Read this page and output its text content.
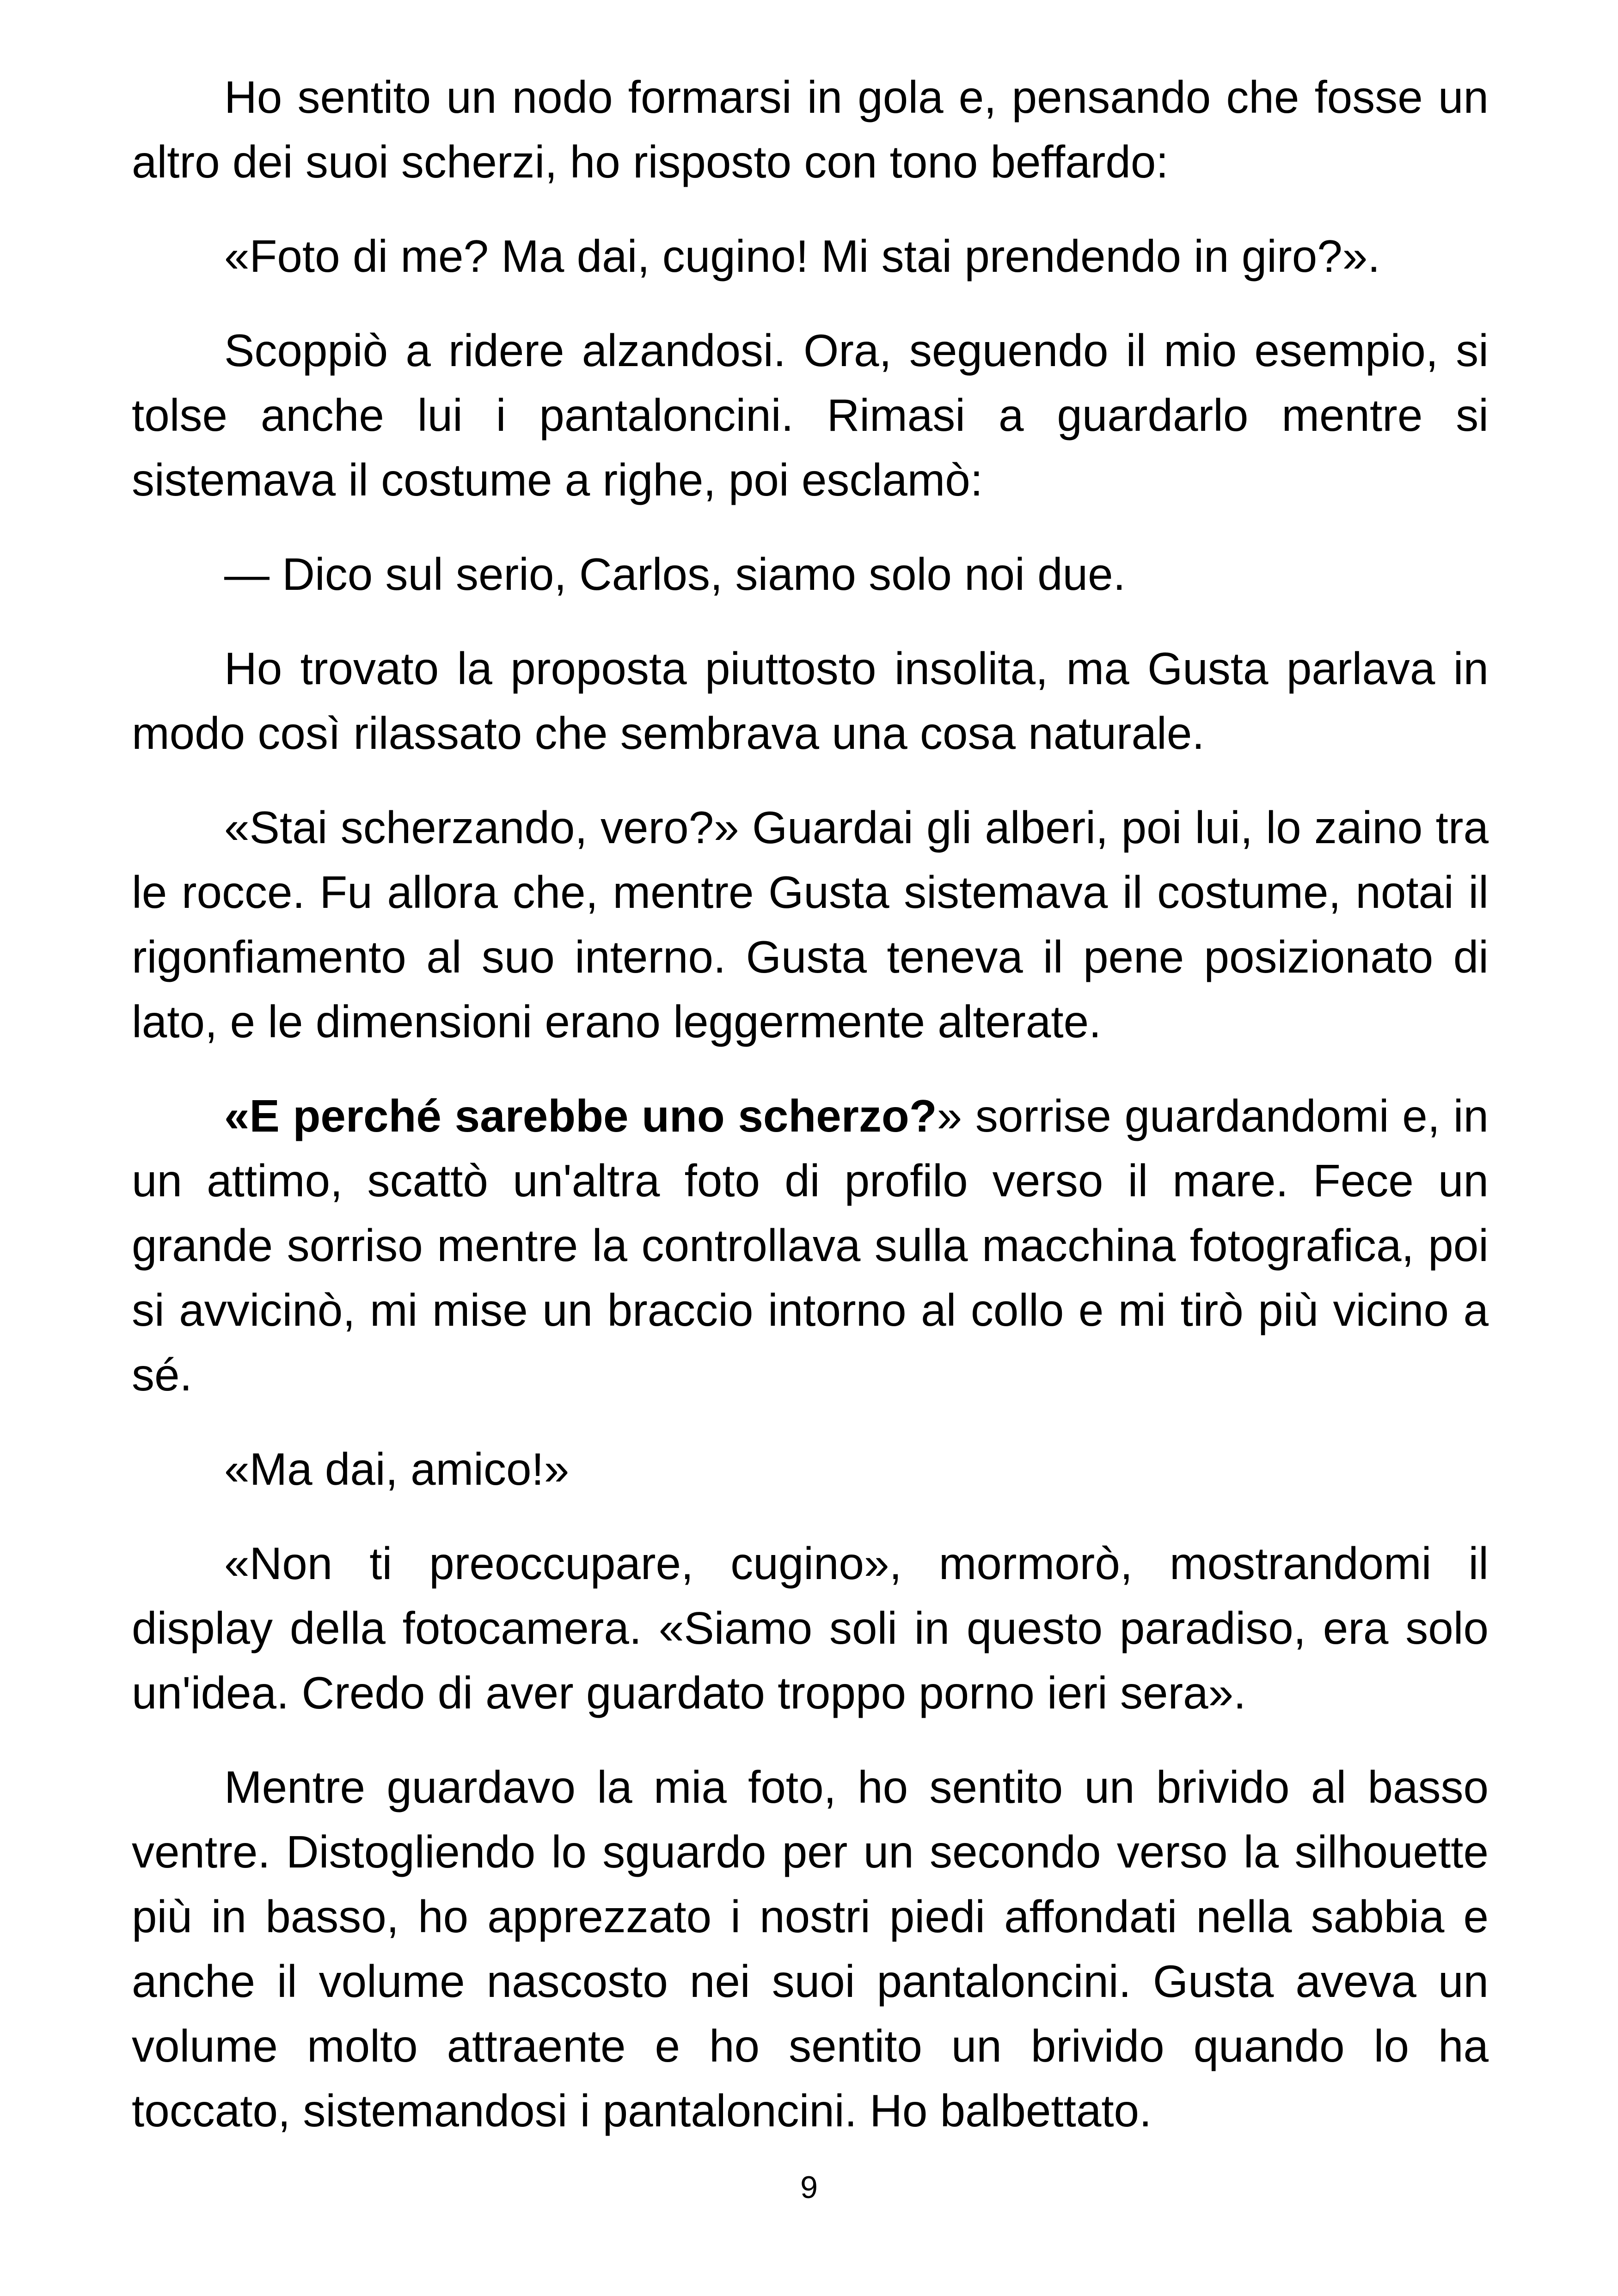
Ho sentito un nodo formarsi in gola e, pensando che fosse un altro dei suoi scherzi, ho risposto con tono beffardo:

«Foto di me? Ma dai, cugino! Mi stai prendendo in giro?».

Scoppiò a ridere alzandosi. Ora, seguendo il mio esempio, si tolse anche lui i pantaloncini. Rimasi a guardarlo mentre si sistemava il costume a righe, poi esclamò:

— Dico sul serio, Carlos, siamo solo noi due.

Ho trovato la proposta piuttosto insolita, ma Gusta parlava in modo così rilassato che sembrava una cosa naturale.

«Stai scherzando, vero?» Guardai gli alberi, poi lui, lo zaino tra le rocce. Fu allora che, mentre Gusta sistemava il costume, notai il rigonfiamento al suo interno. Gusta teneva il pene posizionato di lato, e le dimensioni erano leggermente alterate.

«E perché sarebbe uno scherzo?» sorrise guardandomi e, in un attimo, scattò un'altra foto di profilo verso il mare. Fece un grande sorriso mentre la controllava sulla macchina fotografica, poi si avvicinò, mi mise un braccio intorno al collo e mi tirò più vicino a sé.

«Ma dai, amico!»

«Non ti preoccupare, cugino», mormorò, mostrandomi il display della fotocamera. «Siamo soli in questo paradiso, era solo un'idea. Credo di aver guardato troppo porno ieri sera».

Mentre guardavo la mia foto, ho sentito un brivido al basso ventre. Distogliendo lo sguardo per un secondo verso la silhouette più in basso, ho apprezzato i nostri piedi affondati nella sabbia e anche il volume nascosto nei suoi pantaloncini. Gusta aveva un volume molto attraente e ho sentito un brivido quando lo ha toccato, sistemandosi i pantaloncini. Ho balbettato.

9
